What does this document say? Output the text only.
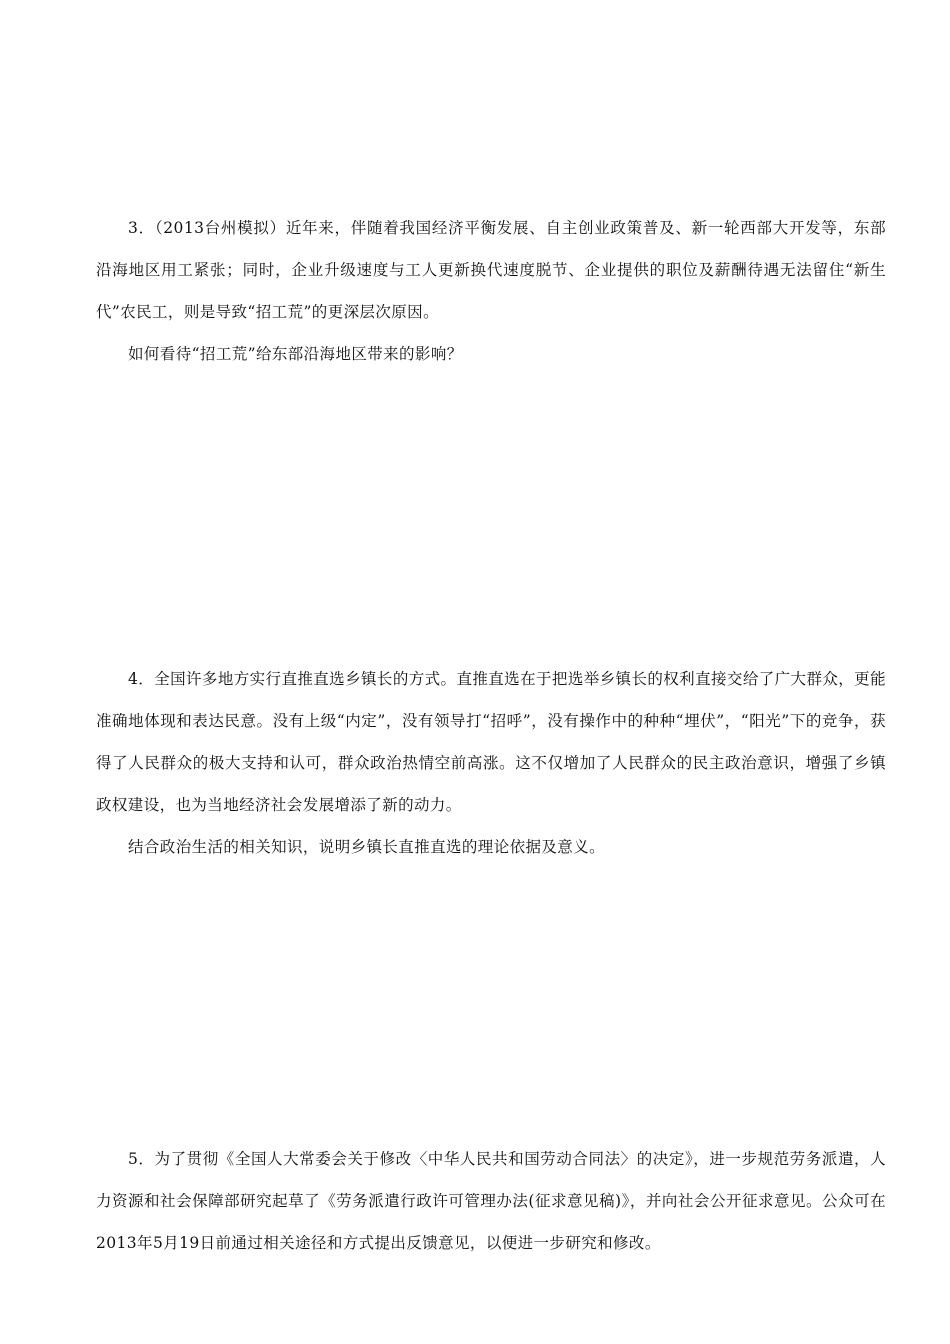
3．（2013台州模拟）近年来，伴随着我国经济平衡发展、自主创业政策普及、新一轮西部大开发等，东部沿海地区用工紧张；同时，企业升级速度与工人更新换代速度脱节、企业提供的职位及薪酬待遇无法留住“新生代”农民工，则是导致“招工荒”的更深层次原因。

如何看待“招工荒”给东部沿海地区带来的影响？

4．全国许多地方实行直推直选乡镇长的方式。直推直选在于把选举乡镇长的权利直接交给了广大群众，更能准确地体现和表达民意。没有上级“内定”，没有领导打“招呼”，没有操作中的种种“埋伏”，“阳光”下的竞争，获得了人民群众的极大支持和认可，群众政治热情空前高涨。这不仅增加了人民群众的民主政治意识，增强了乡镇政权建设，也为当地经济社会发展增添了新的动力。

结合政治生活的相关知识，说明乡镇长直推直选的理论依据及意义。

5．为了贯彻《全国人大常委会关于修改〈中华人民共和国劳动合同法〉的决定》，进一步规范劳务派遣，人力资源和社会保障部研究起草了《劳务派遣行政许可管理办法(征求意见稿)》，并向社会公开征求意见。公众可在2013年5月19日前通过相关途径和方式提出反馈意见，以便进一步研究和修改。
